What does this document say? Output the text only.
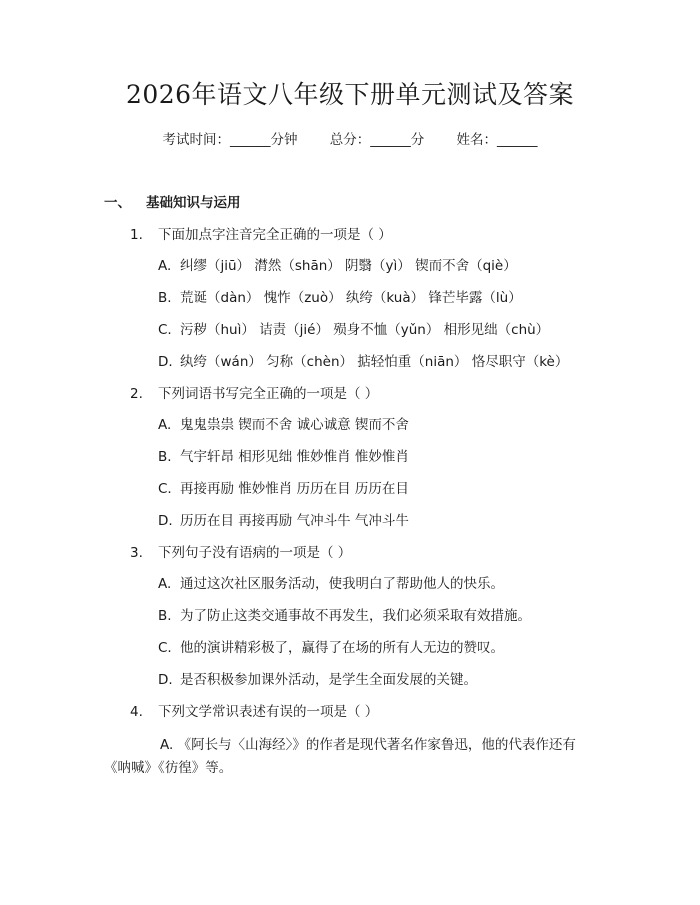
2026年语文八年级下册单元测试及答案
考试时间：______分钟 总分：______分 姓名：______
一、 基础知识与运用
1. 下面加点字注音完全正确的一项是（ ）
A. 纠缪（jiū） 潸然（shān） 阴翳（yì） 锲而不舍（qiè）
B. 荒诞（dàn） 愧怍（zuò） 纨绔（kuà） 锋芒毕露（lù）
C. 污秽（huì） 诘责（jié） 殒身不恤（yǔn） 相形见绌（chù）
D. 纨绔（wán） 匀称（chèn） 掂轻怕重（niān） 恪尽职守（kè）
2. 下列词语书写完全正确的一项是（ ）
A. 鬼鬼祟祟 锲而不舍 诚心诚意 锲而不舍
B. 气宇轩昂 相形见绌 惟妙惟肖 惟妙惟肖
C. 再接再励 惟妙惟肖 历历在目 历历在目
D. 历历在目 再接再励 气冲斗牛 气冲斗牛
3. 下列句子没有语病的一项是（ ）
A. 通过这次社区服务活动，使我明白了帮助他人的快乐。
B. 为了防止这类交通事故不再发生，我们必须采取有效措施。
C. 他的演讲精彩极了，赢得了在场的所有人无边的赞叹。
D. 是否积极参加课外活动，是学生全面发展的关键。
4. 下列文学常识表述有误的一项是（ ）
A. 《阿长与〈山海经〉》的作者是现代著名作家鲁迅，他的代表作还有《呐喊》《彷徨》等。
